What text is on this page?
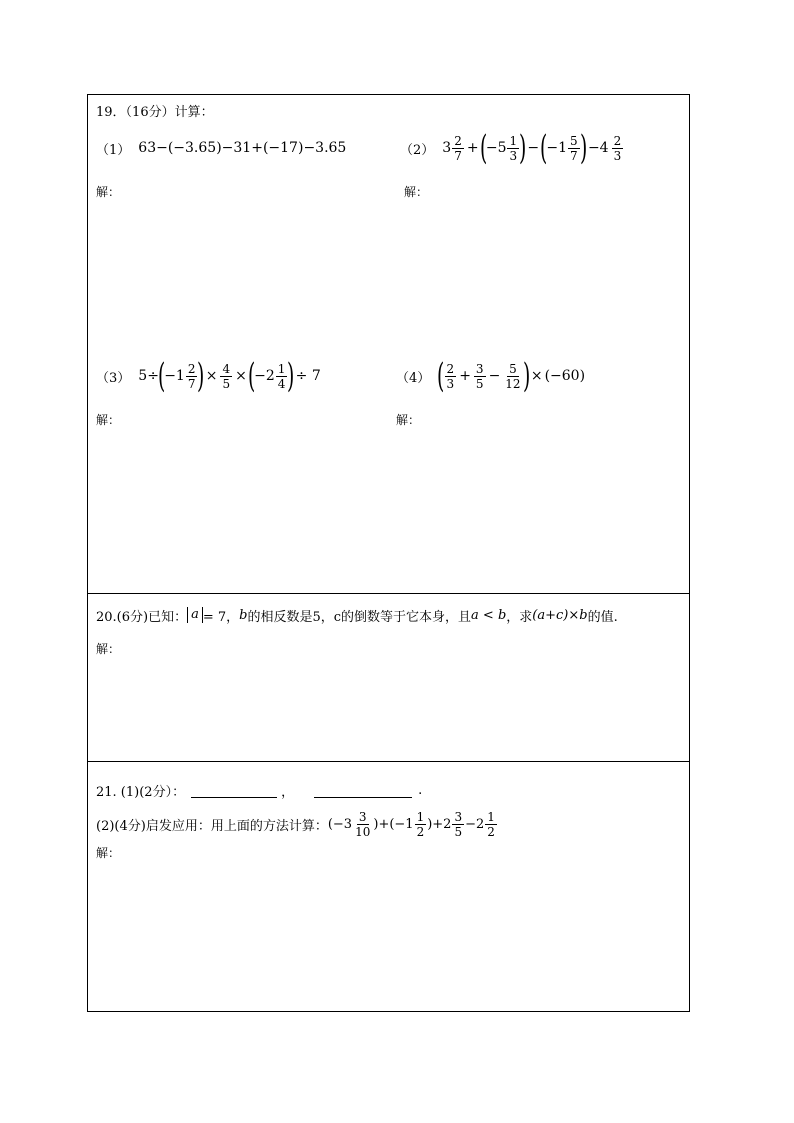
19．（16分）计算：
（1） 63− ( −3.65 ) −31+ ( −17 ) −3.65	（2） $3 \frac{2}{7}$ + (
$-5 \frac{1}{3}$ ) − (
$-1 \frac{5}{7}$ ) $-4 \frac{2}{3}$
解：	解：
（3） 5÷
(
$-1 \frac{2}{7}$ ) × $\frac{4}{5}$ × (
$-2 \frac{1}{4}$ ) ÷ 7	（4） ( $\frac{2}{3} + \frac{3}{5} - \frac{5}{12}$ ) × ( −60 )
解：	解：
20.(6分)已知： a = 7， b 的相反数是5，c的倒数等于它本身，且 a < b ，求 (a+c)×b 的值.
解：
21. (1)(2分）：	，	.
(2)(4分)启发应用：用上面的方法计算： $(-3 \frac{3}{10} )+(-1 \frac{1}{2} )+2 \frac{3}{5} -2 \frac{1}{2}$
解：
